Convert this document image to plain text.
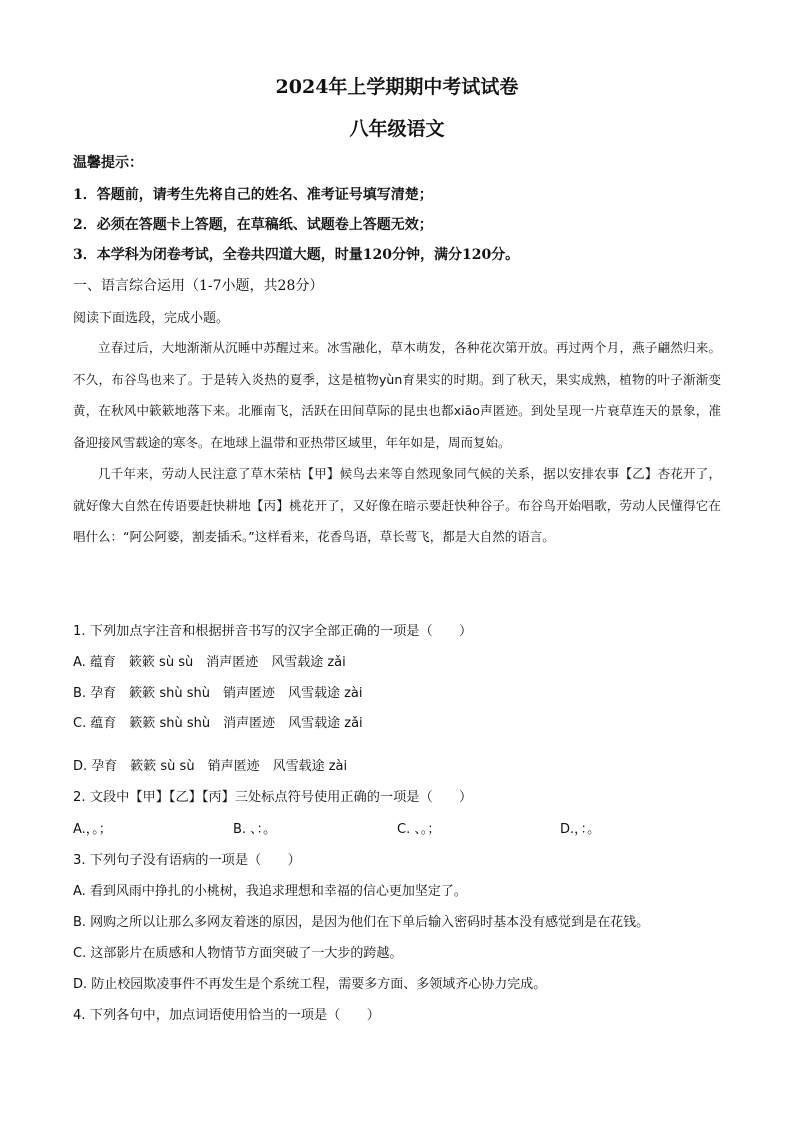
2024年上学期期中考试试卷
八年级语文
温馨提示：
1．答题前，请考生先将自己的姓名、准考证号填写清楚；
2．必须在答题卡上答题，在草稿纸、试题卷上答题无效；
3．本学科为闭卷考试，全卷共四道大题，时量120分钟，满分120分。
一、语言综合运用（1-7小题，共28分）
阅读下面选段，完成小题。

立春过后，大地渐渐从沉睡中苏醒过来。冰雪融化，草木萌发，各种花次第开放。再过两个月，燕子翩然归来。不久，布谷鸟也来了。于是转入炎热的夏季，这是植物yùn育果实的时期。到了秋天，果实成熟，植物的叶子渐渐变黄，在秋风中簌簌地落下来。北雁南飞，活跃在田间草际的昆虫也都xiāo声匿迹。到处呈现一片衰草连天的景象，准备迎接风雪载途的寒冬。在地球上温带和亚热带区域里，年年如是，周而复始。

几千年来，劳动人民注意了草木荣枯【甲】候鸟去来等自然现象同气候的关系，据以安排农事【乙】杏花开了，就好像大自然在传语要赶快耕地【丙】桃花开了，又好像在暗示要赶快种谷子。布谷鸟开始唱歌，劳动人民懂得它在唱什么：“阿公阿婆，割麦插禾。”这样看来，花香鸟语，草长莺飞，都是大自然的语言。

1. 下列加点字注音和根据拼音书写的汉字全部正确的一项是（　　）
A. 蕴育　簌簌 sù sù　消声匿迹　风雪载途 zǎi
B. 孕育　簌簌 shù shù　销声匿迹　风雪载途 zài
C. 蕴育　簌簌 shù shù　消声匿迹　风雪载途 zǎi
D. 孕育　簌簌 sù sù　销声匿迹　风雪载途 zài
2. 文段中【甲】【乙】【丙】三处标点符号使用正确的一项是（　　）
A.，。；	B. 、：。	C. 、。；	D.，：。
3. 下列句子没有语病的一项是（　　）
A. 看到风雨中挣扎的小桃树，我追求理想和幸福的信心更加坚定了。
B. 网购之所以让那么多网友着迷的原因，是因为他们在下单后输入密码时基本没有感觉到是在花钱。
C. 这部影片在质感和人物情节方面突破了一大步的跨越。
D. 防止校园欺凌事件不再发生是个系统工程，需要多方面、多领域齐心协力完成。
4. 下列各句中，加点词语使用恰当的一项是（　　）
